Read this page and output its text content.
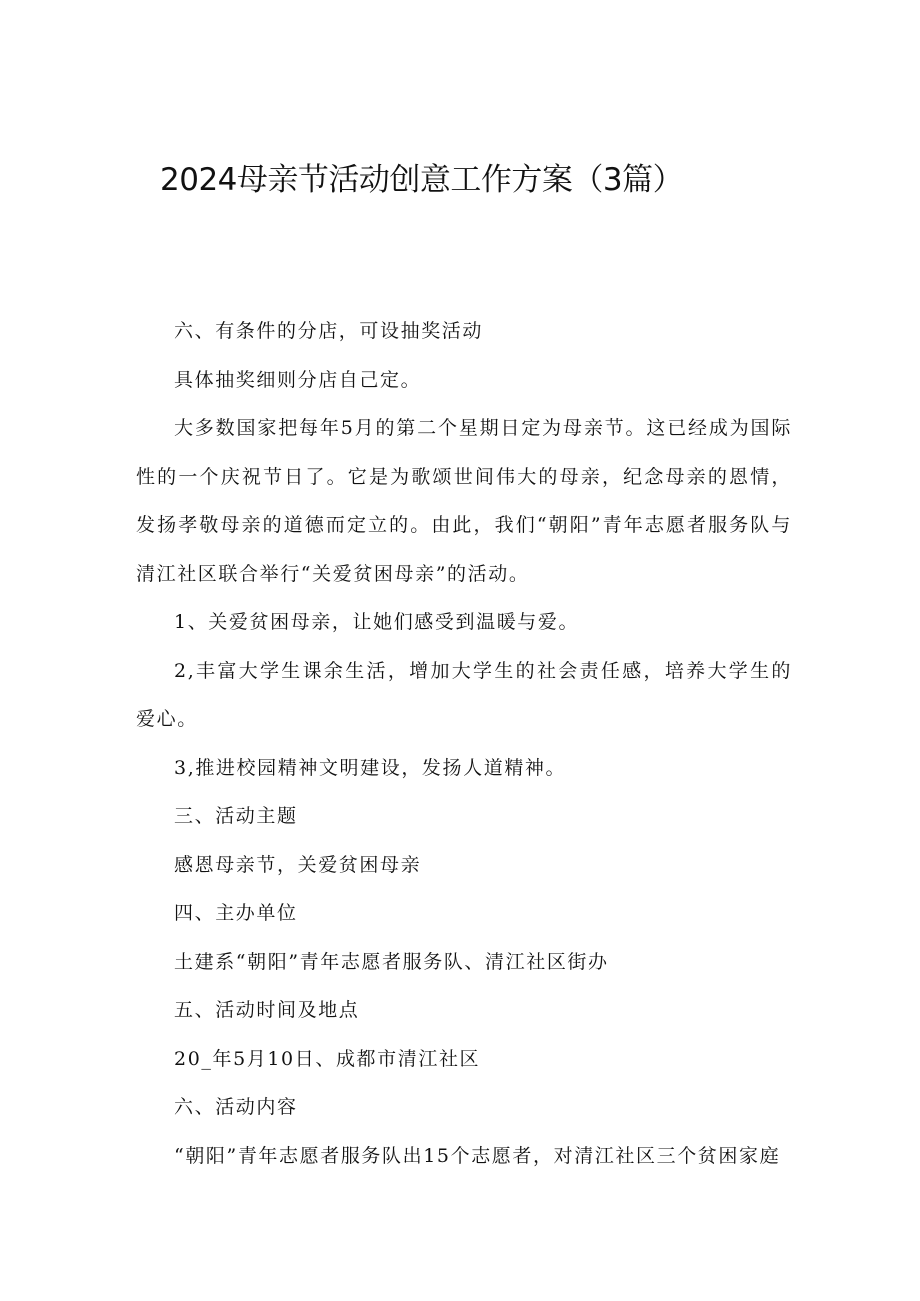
2024母亲节活动创意工作方案（3篇）

六、有条件的分店，可设抽奖活动

具体抽奖细则分店自己定。

大多数国家把每年5月的第二个星期日定为母亲节。这已经成为国际性的一个庆祝节日了。它是为歌颂世间伟大的母亲，纪念母亲的恩情，发扬孝敬母亲的道德而定立的。由此，我们“朝阳”青年志愿者服务队与清江社区联合举行“关爱贫困母亲”的活动。

1、关爱贫困母亲，让她们感受到温暖与爱。

2,丰富大学生课余生活，增加大学生的社会责任感，培养大学生的爱心。

3,推进校园精神文明建设，发扬人道精神。

三、活动主题

感恩母亲节，关爱贫困母亲

四、主办单位

土建系“朝阳”青年志愿者服务队、清江社区街办

五、活动时间及地点

20_年5月10日、成都市清江社区

六、活动内容

“朝阳”青年志愿者服务队出15个志愿者，对清江社区三个贫困家庭
